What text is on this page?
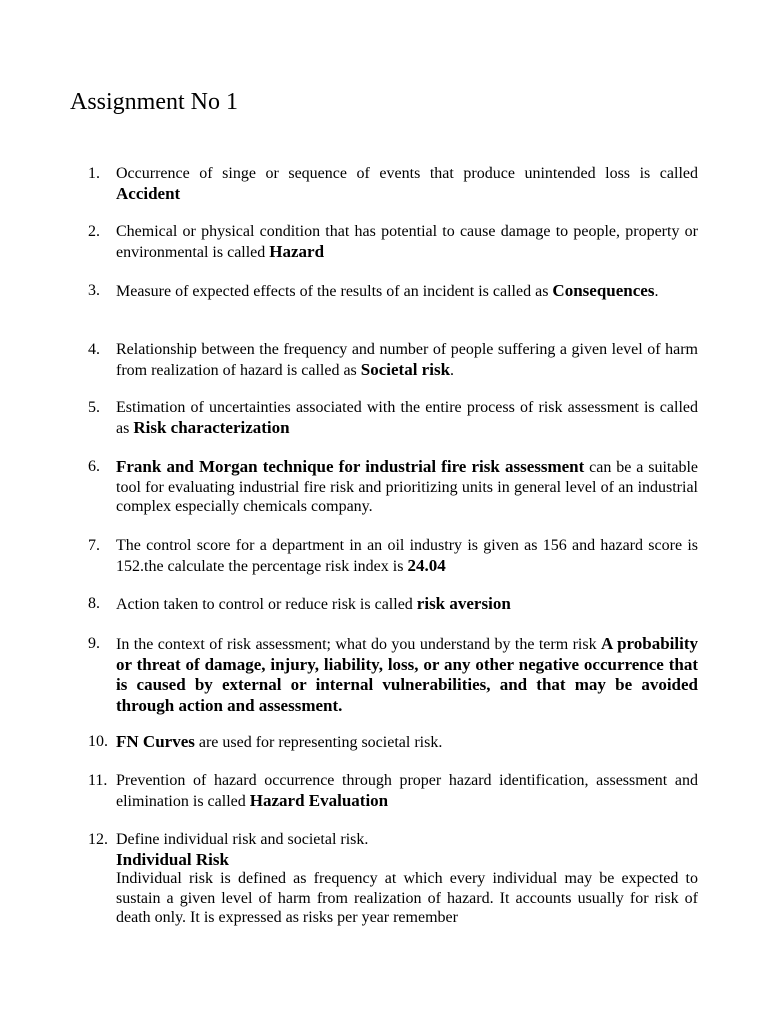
Assignment No 1
1. Occurrence of singe or sequence of events that produce unintended loss is called Accident
2. Chemical or physical condition that has potential to cause damage to people, property or environmental is called Hazard
3. Measure of expected effects of the results of an incident is called as Consequences.
4. Relationship between the frequency and number of people suffering a given level of harm from realization of hazard is called as Societal risk.
5. Estimation of uncertainties associated with the entire process of risk assessment is called as Risk characterization
6. Frank and Morgan technique for industrial fire risk assessment can be a suitable tool for evaluating industrial fire risk and prioritizing units in general level of an industrial complex especially chemicals company.
7. The control score for a department in an oil industry is given as 156 and hazard score is 152.the calculate the percentage risk index is 24.04
8. Action taken to control or reduce risk is called risk aversion
9. In the context of risk assessment; what do you understand by the term risk A probability or threat of damage, injury, liability, loss, or any other negative occurrence that is caused by external or internal vulnerabilities, and that may be avoided through action and assessment.
10. FN Curves are used for representing societal risk.
11. Prevention of hazard occurrence through proper hazard identification, assessment and elimination is called Hazard Evaluation
12. Define individual risk and societal risk.
Individual Risk
Individual risk is defined as frequency at which every individual may be expected to sustain a given level of harm from realization of hazard. It accounts usually for risk of death only. It is expressed as risks per year remember
